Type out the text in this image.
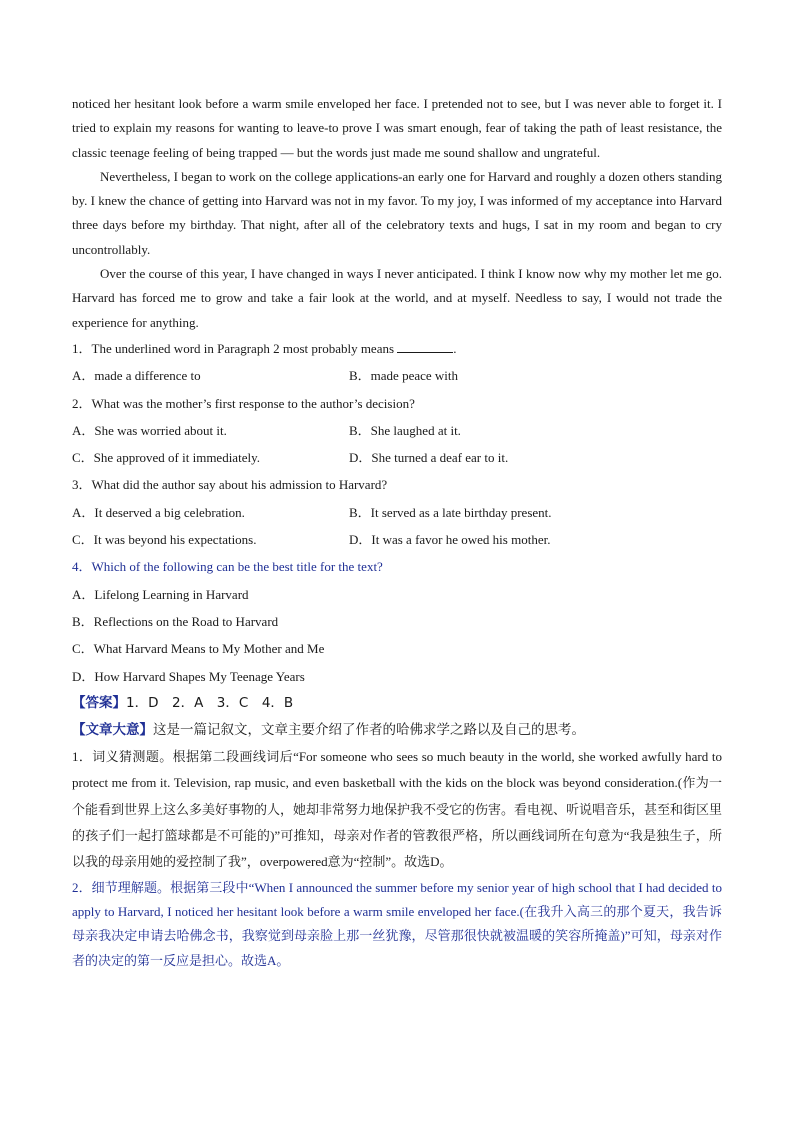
noticed her hesitant look before a warm smile enveloped her face. I pretended not to see, but I was never able to forget it. I tried to explain my reasons for wanting to leave-to prove I was smart enough, fear of taking the path of least resistance, the classic teenage feeling of being trapped — but the words just made me sound shallow and ungrateful.

Nevertheless, I began to work on the college applications-an early one for Harvard and roughly a dozen others standing by. I knew the chance of getting into Harvard was not in my favor. To my joy, I was informed of my acceptance into Harvard three days before my birthday. That night, after all of the celebratory texts and hugs, I sat in my room and began to cry uncontrollably.

Over the course of this year, I have changed in ways I never anticipated. I think I know now why my mother let me go. Harvard has forced me to grow and take a fair look at the world, and at myself. Needless to say, I would not trade the experience for anything.

1．The underlined word in Paragraph 2 most probably means	.

A．made a difference to	B．made peace with

2．What was the mother’s first response to the author’s decision?

A．She was worried about it.	B．She laughed at it.
C．She approved of it immediately.	D．She turned a deaf ear to it.

3．What did the author say about his admission to Harvard?

A．It deserved a big celebration.	B．It served as a late birthday present.
C．It was beyond his expectations.	D．It was a favor he owed his mother.

4．Which of the following can be the best title for the text?

A．Lifelong Learning in Harvard

B．Reflections on the Road to Harvard

C．What Harvard Means to My Mother and Me

D．How Harvard Shapes My Teenage Years

【答案】1．D　2．A　3．C　4．B

【文章大意】这是一篇记叙文，文章主要介绍了作者的哈佛求学之路以及自己的思考。

1．词义猜测题。根据第二段画线词后“For someone who sees so much beauty in the world, she worked awfully hard to protect me from it. Television, rap music, and even basketball with the kids on the block was beyond consideration.(作为一个能看到世界上这么多美好事物的人，她却非常努力地保护我不受它的伤害。看电视、听说唱音乐，甚至和街区里的孩子们一起打篮球都是不可能的)”可推知，母亲对作者的管教很严格，所以画线词所在句意为“我是独生子，所以我的母亲用她的爱控制了我”，overpowered意为“控制”。故选D。

2．细节理解题。根据第三段中“When I announced the summer before my senior year of high school that I had decided to apply to Harvard, I noticed her hesitant look before a warm smile enveloped her face.(在我升入高三的那个夏天，我告诉母亲我决定申请去哈佛念书，我察觉到母亲脸上那一丝犹豫，尽管那很快就被温暖的笑容所掩盖)”可知，母亲对作者的决定的第一反应是担心。故选A。
